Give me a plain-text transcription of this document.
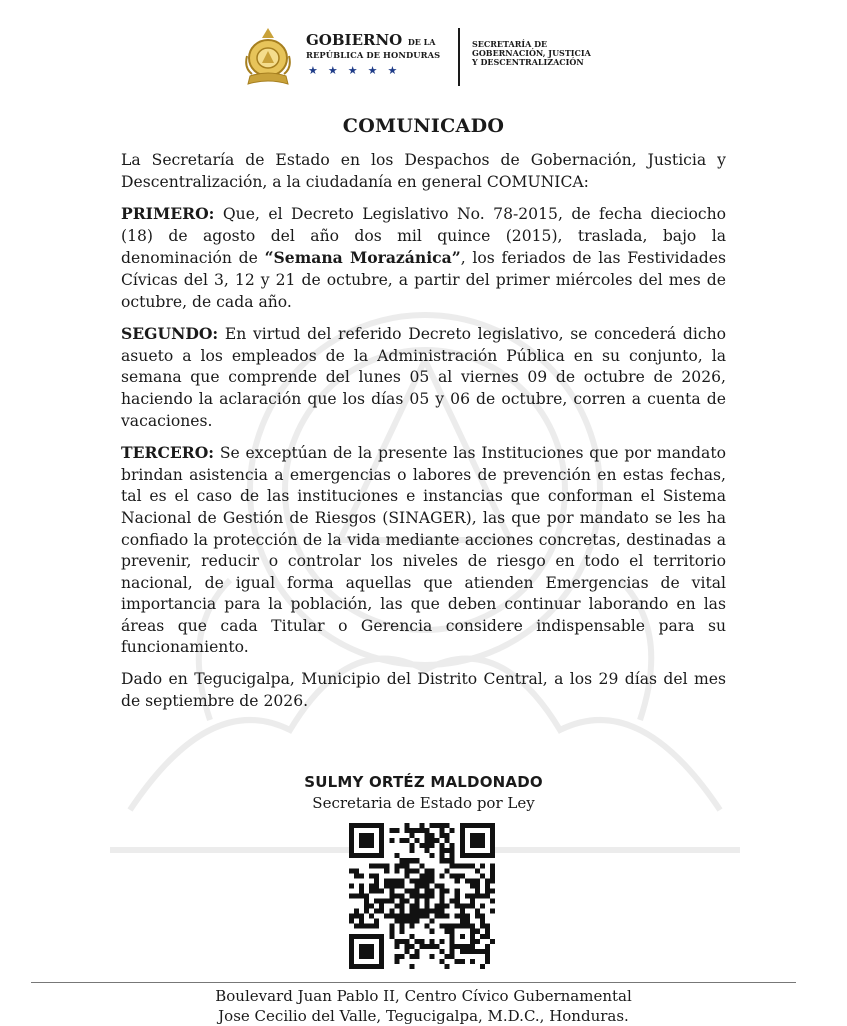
GOBIERNO DE LA
REPÚBLICA DE HONDURAS
★★★★★
SECRETARÍA DE
GOBERNACIÓN, JUSTICIA
Y DESCENTRALIZACIÓN
COMUNICADO

La Secretaría de Estado en los Despachos de Gobernación, Justicia y Descentralización, a la ciudadanía en general COMUNICA:

PRIMERO: Que, el Decreto Legislativo No. 78-2015, de fecha dieciocho (18) de agosto del año dos mil quince (2015), traslada, bajo la denominación de “Semana Morazánica”, los feriados de las Festividades Cívicas del 3, 12 y 21 de octubre, a partir del primer miércoles del mes de octubre, de cada año.

SEGUNDO: En virtud del referido Decreto legislativo, se concederá dicho asueto a los empleados de la Administración Pública en su conjunto, la semana que comprende del lunes 05 al viernes 09 de octubre de 2026, haciendo la aclaración que los días 05 y 06 de octubre, corren a cuenta de vacaciones.

TERCERO: Se exceptúan de la presente las Instituciones que por mandato brindan asistencia a emergencias o labores de prevención en estas fechas, tal es el caso de las instituciones e instancias que conforman el Sistema Nacional de Gestión de Riesgos (SINAGER), las que por mandato se les ha confiado la protección de la vida mediante acciones concretas, destinadas a prevenir, reducir o controlar los niveles de riesgo en todo el territorio nacional, de igual forma aquellas que atienden Emergencias de vital importancia para la población, las que deben continuar laborando en las áreas que cada Titular o Gerencia considere indispensable para su funcionamiento.

Dado en Tegucigalpa, Municipio del Distrito Central, a los 29 días del mes de septiembre de 2026.

SULMY ORTÉZ MALDONADO
Secretaria de Estado por Ley
Boulevard Juan Pablo II, Centro Cívico Gubernamental
Jose Cecilio del Valle, Tegucigalpa, M.D.C., Honduras.
